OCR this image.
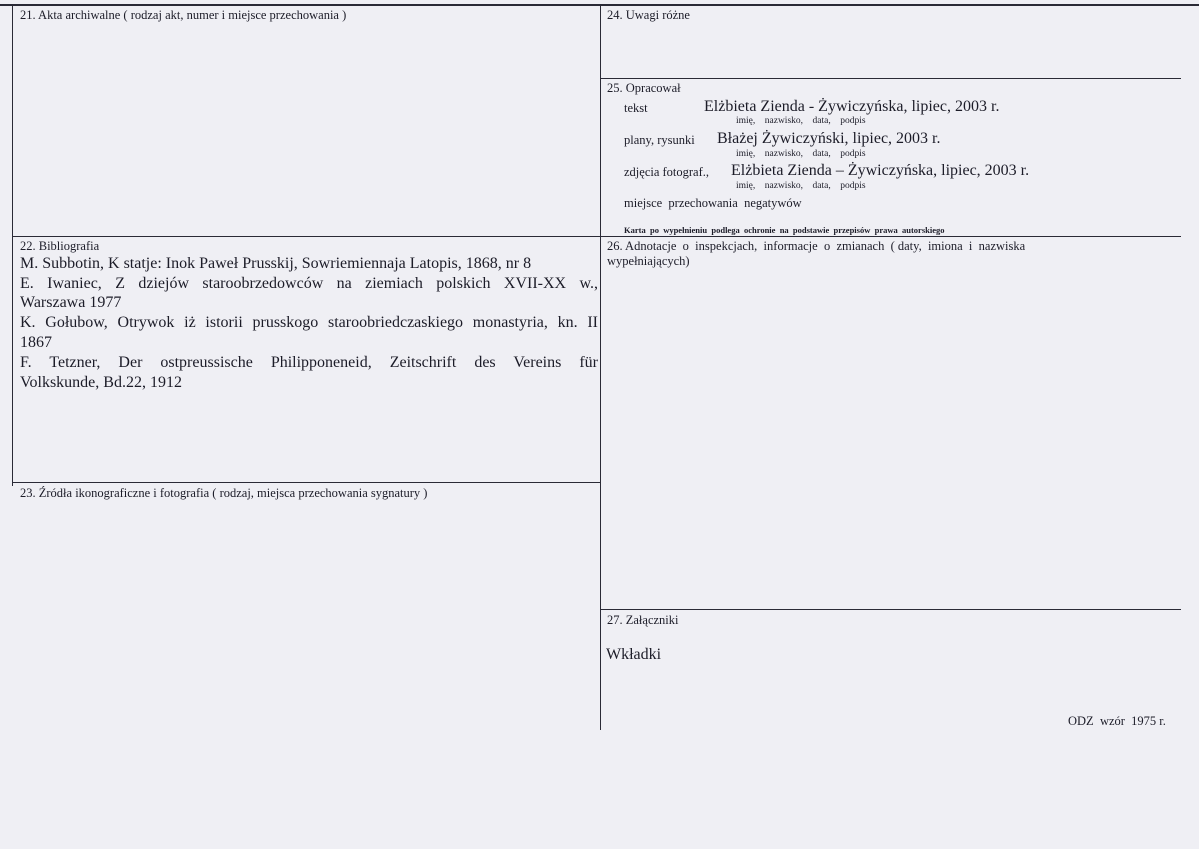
21. Akta archiwalne ( rodzaj akt, numer i miejsce przechowania )
22. Bibliografia
M. Subbotin, K statje: Inok Paweł Prusskij, Sowriemiennaja Latopis, 1868, nr 8
E. Iwaniec, Z dziejów staroobrzedowców na ziemiach polskich XVII-XX w.,
Warszawa 1977
K. Gołubow, Otrywok iż istorii prusskogo staroobriedczaskiego monastyria, kn. II
1867
F. Tetzner, Der ostpreussische Philipponeneid, Zeitschrift des Vereins für
Volkskunde, Bd.22, 1912
23. Źródła ikonograficzne i fotografia ( rodzaj, miejsca przechowania sygnatury )
24. Uwagi różne
25. Opracował
tekst	Elżbieta Zienda - Żywiczyńska, lipiec, 2003 r.
imię,    nazwisko,    data,    podpis
plany, rysunki Błażej Żywiczyński, lipiec, 2003 r.
imię,    nazwisko,    data,    podpis
zdjęcia fotograf., Elżbieta Zienda – Żywiczyńska, lipiec, 2003 r.
imię,    nazwisko,    data,    podpis
miejsce  przechowania  negatywów
Karta  po  wypełnieniu  podlega  ochronie  na  podstawie  przepisów  prawa  autorskiego
26. Adnotacje  o  inspekcjach,  informacje  o  zmianach  ( daty,  imiona  i  nazwiska
wypełniających)
27. Załączniki
Wkładki
ODZ  wzór  1975 r.
